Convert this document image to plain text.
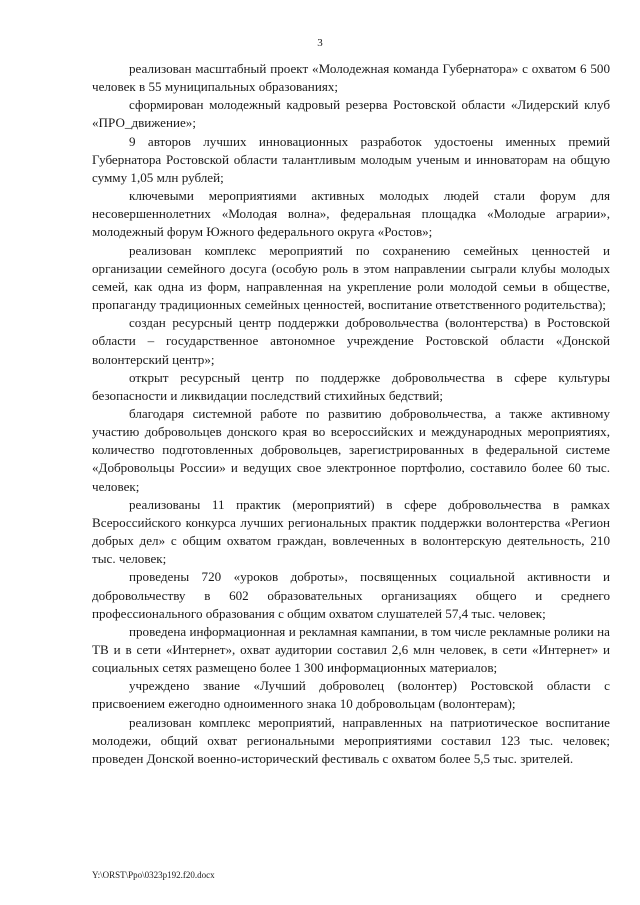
3

реализован масштабный проект «Молодежная команда Губернатора» с охватом 6 500 человек в 55 муниципальных образованиях;

сформирован молодежный кадровый резерва Ростовской области «Лидерский клуб «ПРО_движение»;

9 авторов лучших инновационных разработок удостоены именных премий Губернатора Ростовской области талантливым молодым ученым и инноваторам на общую сумму 1,05 млн рублей;

ключевыми мероприятиями активных молодых людей стали форум для несовершеннолетних «Молодая волна», федеральная площадка «Молодые аграрии», молодежный форум Южного федерального округа «Ростов»;

реализован комплекс мероприятий по сохранению семейных ценностей и организации семейного досуга (особую роль в этом направлении сыграли клубы молодых семей, как одна из форм, направленная на укрепление роли молодой семьи в обществе, пропаганду традиционных семейных ценностей, воспитание ответственного родительства);

создан ресурсный центр поддержки добровольчества (волонтерства) в Ростовской области – государственное автономное учреждение Ростовской области «Донской волонтерский центр»;

открыт ресурсный центр по поддержке добровольчества в сфере культуры безопасности и ликвидации последствий стихийных бедствий;

благодаря системной работе по развитию добровольчества, а также активному участию добровольцев донского края во всероссийских и международных мероприятиях, количество подготовленных добровольцев, зарегистрированных в федеральной системе «Добровольцы России» и ведущих свое электронное портфолио, составило более 60 тыс. человек;

реализованы 11 практик (мероприятий) в сфере добровольчества в рамках Всероссийского конкурса лучших региональных практик поддержки волонтерства «Регион добрых дел» с общим охватом граждан, вовлеченных в волонтерскую деятельность, 210 тыс. человек;

проведены 720 «уроков доброты», посвященных социальной активности и добровольчеству в 602 образовательных организациях общего и среднего профессионального образования с общим охватом слушателей 57,4 тыс. человек;

проведена информационная и рекламная кампании, в том числе рекламные ролики на ТВ и в сети «Интернет», охват аудитории составил 2,6 млн человек, в сети «Интернет» и социальных сетях размещено более 1 300 информационных материалов;

учреждено звание «Лучший доброволец (волонтер) Ростовской области с присвоением ежегодно одноименного знака 10 добровольцам (волонтерам);

реализован комплекс мероприятий, направленных на патриотическое воспитание молодежи, общий охват региональными мероприятиями составил 123 тыс. человек; проведен Донской военно-исторический фестиваль с охватом более 5,5 тыс. зрителей.

Y:\ORST\Ppo\0323p192.f20.docx
